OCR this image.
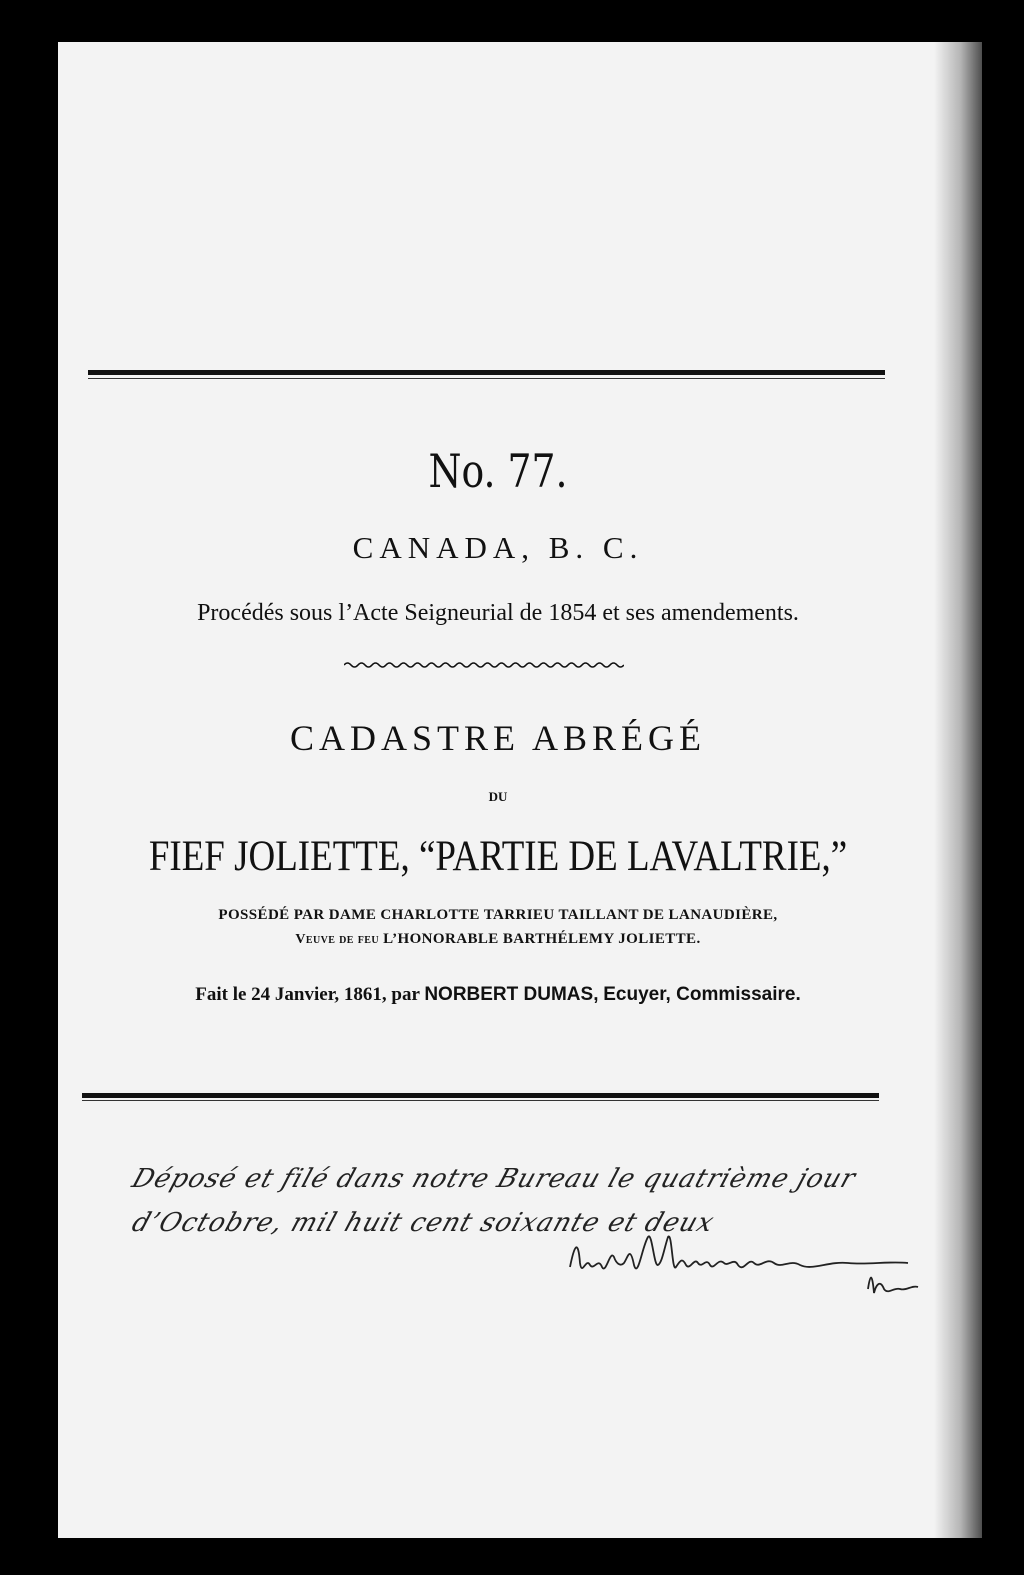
No. 77.
CANADA, B. C.
Procédés sous l’Acte Seigneurial de 1854 et ses amendements.
CADASTRE ABRÉGÉ
DU
FIEF JOLIETTE, “PARTIE DE LAVALTRIE,”
POSSÉDÉ PAR DAME CHARLOTTE TARRIEU TAILLANT DE LANAUDIÈRE,
Veuve de feu L’HONORABLE BARTHÉLEMY JOLIETTE.
Fait le 24 Janvier, 1861, par NORBERT DUMAS, Ecuyer, Commissaire.
Déposé et filé dans notre Bureau le quatrième jour
d’Octobre, mil huit cent soixante et deux
